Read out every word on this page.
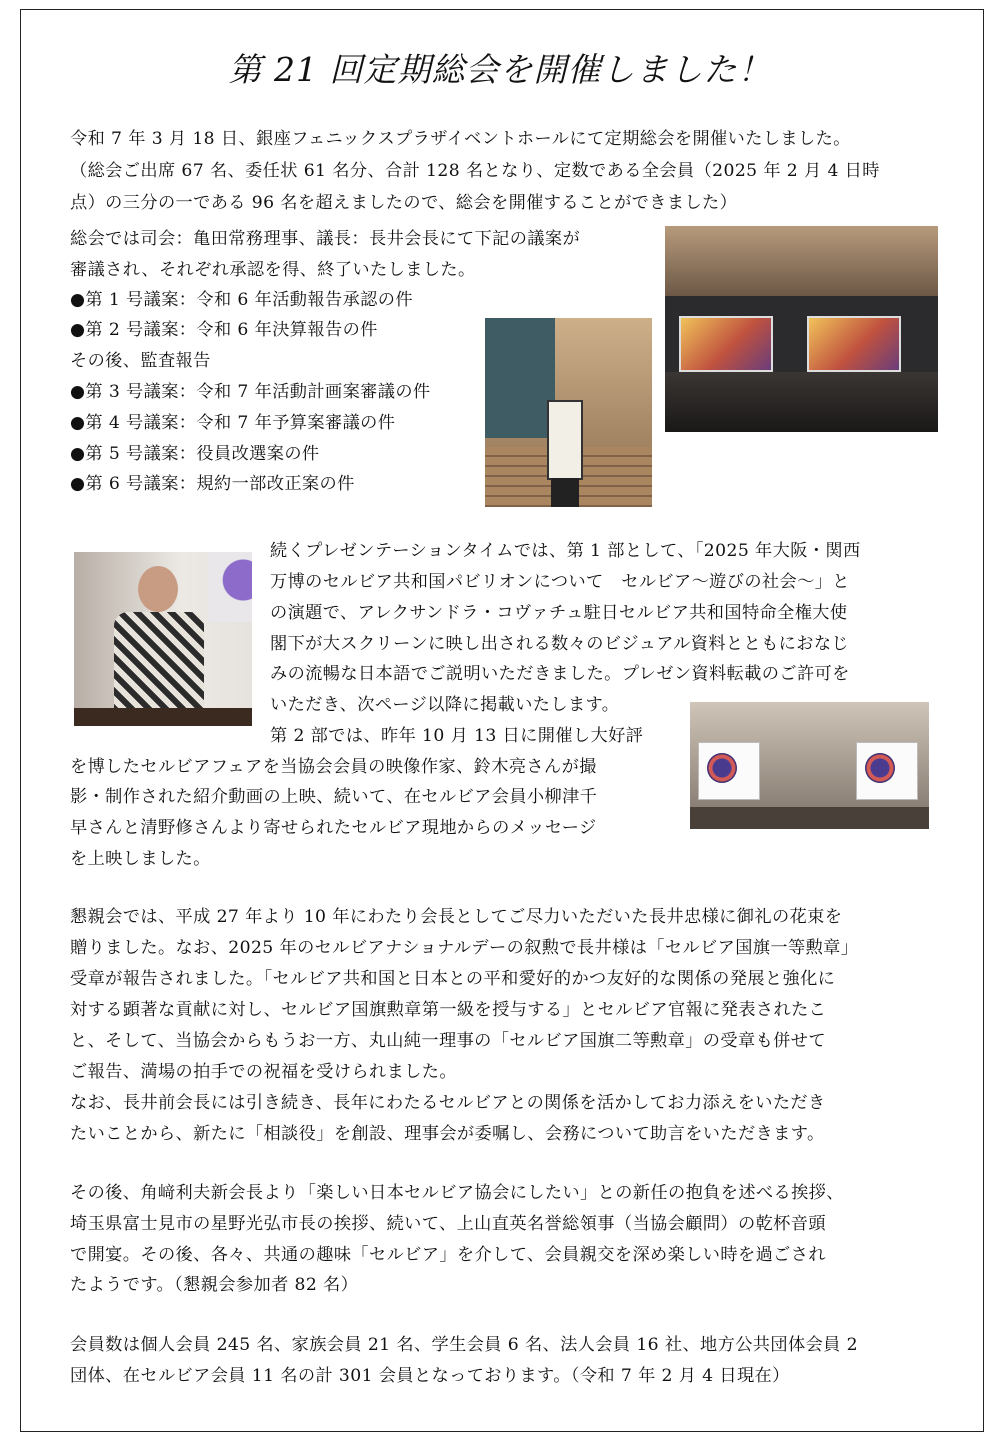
第 21 回定期総会を開催しました！
令和 7 年 3 月 18 日、銀座フェニックスプラザイベントホールにて定期総会を開催いたしました。
（総会ご出席 67 名、委任状 61 名分、合計 128 名となり、定数である全会員（2025 年 2 月 4 日時
点）の三分の一である 96 名を超えましたので、総会を開催することができました）
総会では司会：亀田常務理事、議長：長井会長にて下記の議案が
審議され、それぞれ承認を得、終了いたしました。
●第 1 号議案：令和 6 年活動報告承認の件
●第 2 号議案：令和 6 年決算報告の件
その後、監査報告
●第 3 号議案：令和 7 年活動計画案審議の件
●第 4 号議案：令和 7 年予算案審議の件
●第 5 号議案：役員改選案の件
●第 6 号議案：規約一部改正案の件
続くプレゼンテーションタイムでは、第 1 部として、「2025 年大阪・関西
万博のセルビア共和国パビリオンについて　セルビア～遊びの社会～」と
の演題で、アレクサンドラ・コヴァチュ駐日セルビア共和国特命全権大使
閣下が大スクリーンに映し出される数々のビジュアル資料とともにおなじ
みの流暢な日本語でご説明いただきました。プレゼン資料転載のご許可を
いただき、次ページ以降に掲載いたします。
第 2 部では、昨年 10 月 13 日に開催し大好評
を博したセルビアフェアを当協会会員の映像作家、鈴木亮さんが撮
影・制作された紹介動画の上映、続いて、在セルビア会員小柳津千
早さんと清野修さんより寄せられたセルビア現地からのメッセージ
を上映しました。
懇親会では、平成 27 年より 10 年にわたり会長としてご尽力いただいた長井忠様に御礼の花束を
贈りました。なお、2025 年のセルビアナショナルデーの叙勲で長井様は「セルビア国旗一等勲章」
受章が報告されました。「セルビア共和国と日本との平和愛好的かつ友好的な関係の発展と強化に
対する顕著な貢献に対し、セルビア国旗勲章第一級を授与する」とセルビア官報に発表されたこ
と、そして、当協会からもうお一方、丸山純一理事の「セルビア国旗二等勲章」の受章も併せて
ご報告、満場の拍手での祝福を受けられました。
なお、長井前会長には引き続き、長年にわたるセルビアとの関係を活かしてお力添えをいただき
たいことから、新たに「相談役」を創設、理事会が委嘱し、会務について助言をいただきます。
その後、角﨑利夫新会長より「楽しい日本セルビア協会にしたい」との新任の抱負を述べる挨拶、
埼玉県富士見市の星野光弘市長の挨拶、続いて、上山直英名誉総領事（当協会顧問）の乾杯音頭
で開宴。その後、各々、共通の趣味「セルビア」を介して、会員親交を深め楽しい時を過ごされ
たようです。（懇親会参加者 82 名）
会員数は個人会員 245 名、家族会員 21 名、学生会員 6 名、法人会員 16 社、地方公共団体会員 2
団体、在セルビア会員 11 名の計 301 会員となっております。（令和 7 年 2 月 4 日現在）
